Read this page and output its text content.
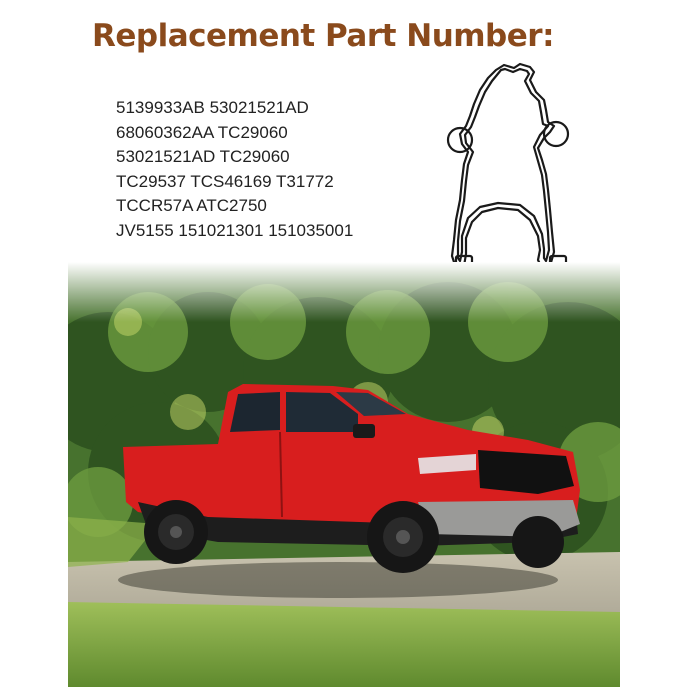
Replacement Part Number:
5139933AB 53021521AD
68060362AA TC29060
53021521AD TC29060
TC29537 TCS46169 T31772
TCCR57A ATC2750
JV5155 151021301 151035001
